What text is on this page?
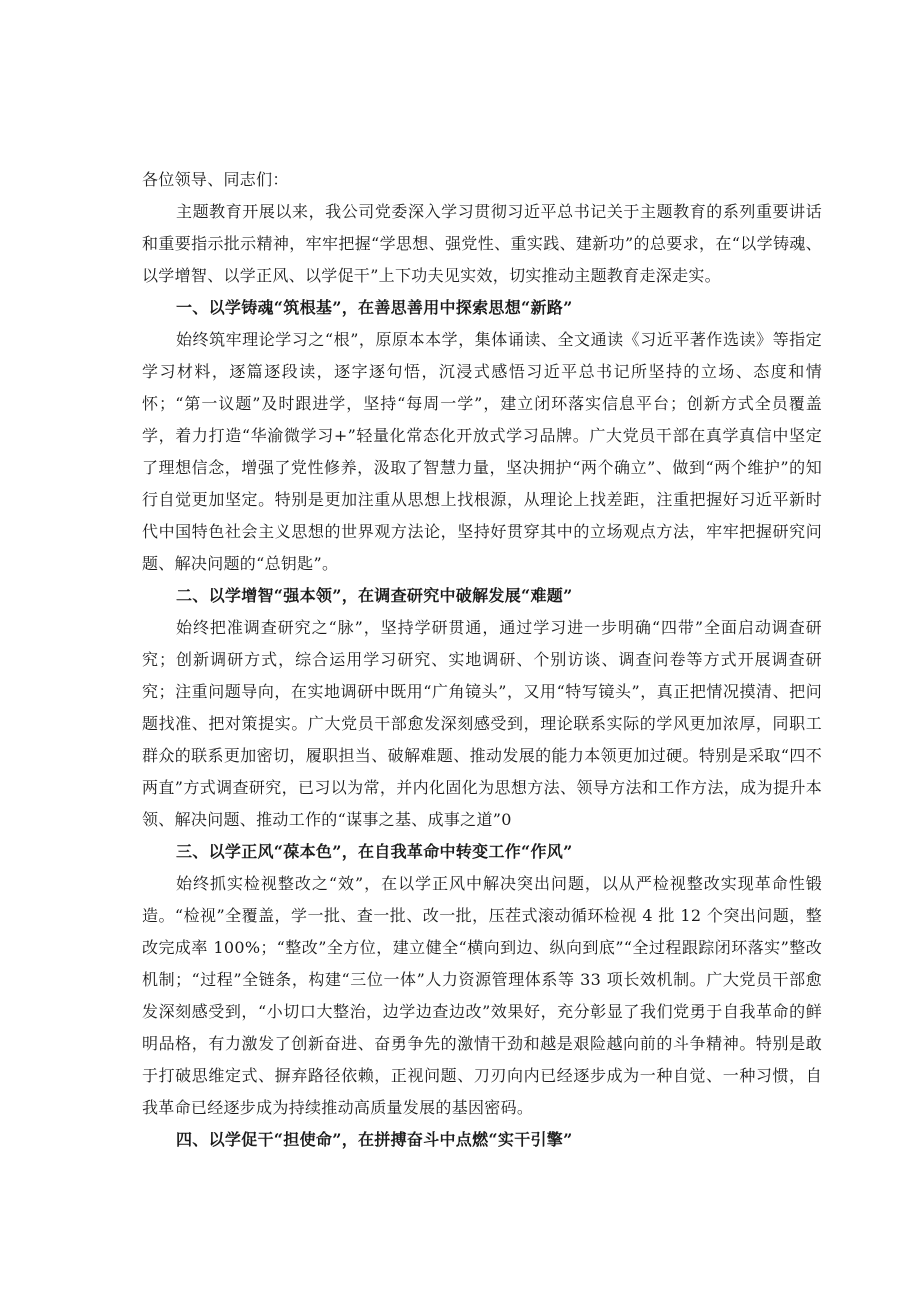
各位领导、同志们：

主题教育开展以来，我公司党委深入学习贯彻习近平总书记关于主题教育的系列重要讲话和重要指示批示精神，牢牢把握“学思想、强党性、重实践、建新功”的总要求，在“以学铸魂、以学增智、以学正风、以学促干”上下功夫见实效，切实推动主题教育走深走实。

一、以学铸魂“筑根基”，在善思善用中探索思想“新路”

始终筑牢理论学习之“根”，原原本本学，集体诵读、全文通读《习近平著作选读》等指定学习材料，逐篇逐段读，逐字逐句悟，沉浸式感悟习近平总书记所坚持的立场、态度和情怀；“第一议题”及时跟进学，坚持“每周一学”，建立闭环落实信息平台；创新方式全员覆盖学，着力打造“华渝微学习+”轻量化常态化开放式学习品牌。广大党员干部在真学真信中坚定了理想信念，增强了党性修养，汲取了智慧力量，坚决拥护“两个确立”、做到“两个维护”的知行自觉更加坚定。特别是更加注重从思想上找根源，从理论上找差距，注重把握好习近平新时代中国特色社会主义思想的世界观方法论，坚持好贯穿其中的立场观点方法，牢牢把握研究问题、解决问题的“总钥匙”。

二、以学增智“强本领”，在调查研究中破解发展“难题”

始终把准调查研究之“脉”，坚持学研贯通，通过学习进一步明确“四带”全面启动调查研究；创新调研方式，综合运用学习研究、实地调研、个别访谈、调查问卷等方式开展调查研究；注重问题导向，在实地调研中既用“广角镜头”，又用“特写镜头”，真正把情况摸清、把问题找准、把对策提实。广大党员干部愈发深刻感受到，理论联系实际的学风更加浓厚，同职工群众的联系更加密切，履职担当、破解难题、推动发展的能力本领更加过硬。特别是采取“四不两直”方式调查研究，已习以为常，并内化固化为思想方法、领导方法和工作方法，成为提升本领、解决问题、推动工作的“谋事之基、成事之道”0

三、以学正风“葆本色”，在自我革命中转变工作“作风”

始终抓实检视整改之“效”，在以学正风中解决突出问题，以从严检视整改实现革命性锻造。“检视”全覆盖，学一批、查一批、改一批，压茬式滚动循环检视 4 批 12 个突出问题，整改完成率 100%；“整改”全方位，建立健全“横向到边、纵向到底”“全过程跟踪闭环落实”整改机制；“过程”全链条，构建“三位一体”人力资源管理体系等 33 项长效机制。广大党员干部愈发深刻感受到，“小切口大整治，边学边查边改”效果好，充分彰显了我们党勇于自我革命的鲜明品格，有力激发了创新奋进、奋勇争先的激情干劲和越是艰险越向前的斗争精神。特别是敢于打破思维定式、摒弃路径依赖，正视问题、刀刃向内已经逐步成为一种自觉、一种习惯，自我革命已经逐步成为持续推动高质量发展的基因密码。

四、以学促干“担使命”，在拼搏奋斗中点燃“实干引擎”
